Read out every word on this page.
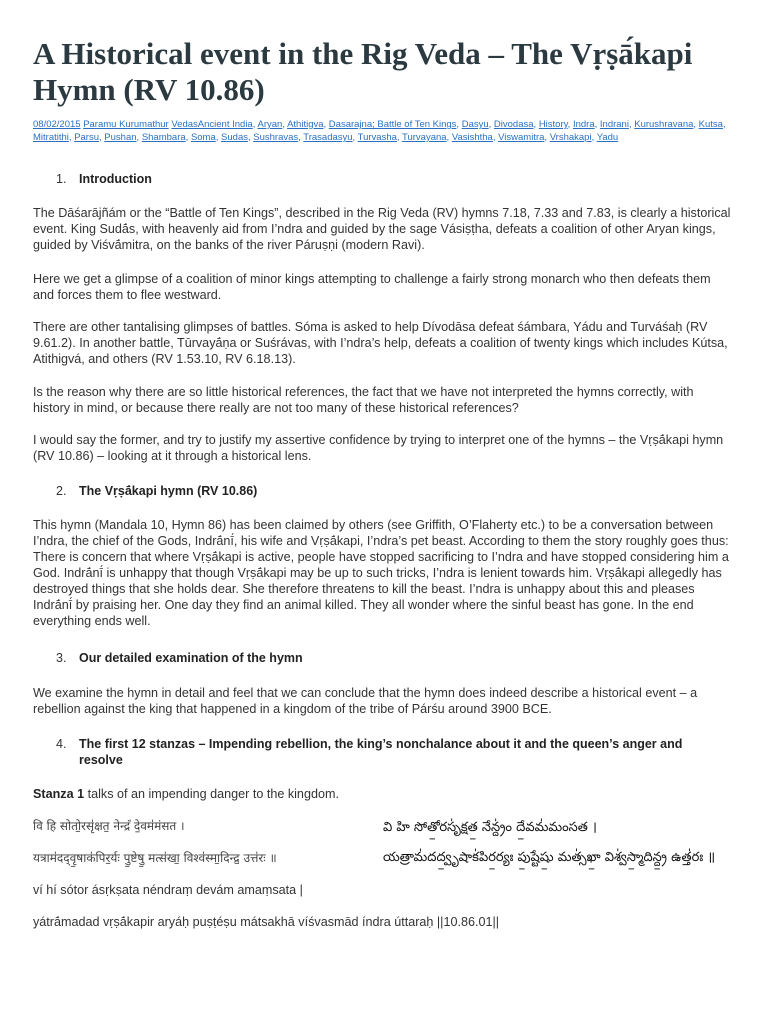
A Historical event in the Rig Veda – The Vṛṣā́kapi Hymn (RV 10.86)
08/02/2015 Paramu Kurumathur VedasAncient India, Aryan, Athitigva, Dasarajna; Battle of Ten Kings, Dasyu, Divodasa, History, Indra, Indrani, Kurushravana, Kutsa, Mitratithi, Parsu, Pushan, Shambara, Soma, Sudas, Sushravas, Trasadasyu, Turvasha, Turvayana, Vasishtha, Viswamitra, Vrshakapi, Yadu
1.	Introduction

The Dāśarājñám or the “Battle of Ten Kings”, described in the Rig Veda (RV) hymns 7.18, 7.33 and 7.83, is clearly a historical event. King Sudā́s, with heavenly aid from I’ndra and guided by the sage Vásiṣṭha, defeats a coalition of other Aryan kings, guided by Viśvā́mitra, on the banks of the river Páruṣṇi (modern Ravi).

Here we get a glimpse of a coalition of minor kings attempting to challenge a fairly strong monarch who then defeats them and forces them to flee westward.

There are other tantalising glimpses of battles. Sóma is asked to help Dívodāsa defeat śámbara, Yádu and Turváśaḥ (RV 9.61.2). In another battle, Tūrvayā́ṇa or Suśrávas, with I’ndra’s help, defeats a coalition of twenty kings which includes Kútsa, Atithigvá, and others (RV 1.53.10, RV 6.18.13).

Is the reason why there are so little historical references, the fact that we have not interpreted the hymns correctly, with history in mind, or because there really are not too many of these historical references?

I would say the former, and try to justify my assertive confidence by trying to interpret one of the hymns – the Vṛṣā́kapi hymn (RV 10.86) – looking at it through a historical lens.

2.	The Vṛṣā́kapi hymn (RV 10.86)

This hymn (Mandala 10, Hymn 86) has been claimed by others (see Griffith, O’Flaherty etc.) to be a conversation between I’ndra, the chief of the Gods, Indrā́nī́, his wife and Vṛṣā́kapi, I’ndra’s pet beast. According to them the story roughly goes thus: There is concern that where Vṛṣā́kapi is active, people have stopped sacrificing to I’ndra and have stopped considering him a God. Indrā́nī́ is unhappy that though Vṛṣā́kapi may be up to such tricks, I’ndra is lenient towards him. Vṛṣā́kapi allegedly has destroyed things that she holds dear. She therefore threatens to kill the beast. I’ndra is unhappy about this and pleases Indrā́nī́ by praising her. One day they find an animal killed. They all wonder where the sinful beast has gone. In the end everything ends well.

3.	Our detailed examination of the hymn

We examine the hymn in detail and feel that we can conclude that the hymn does indeed describe a historical event – a rebellion against the king that happened in a kingdom of the tribe of Párśu around 3900 BCE.

4.	The first 12 stanzas – Impending rebellion, the king’s nonchalance about it and the queen’s anger and resolve
Stanza 1 talks of an impending danger to the kingdom.
वि हि सोतो॒रसृ॑क्षत॒ नेन्द्रं॑ दे॒वम॑मंसत ।	వి హి సోతో॒రసృ॑క్షత॒ నేన్ద్రం॑ దే॒వమ॑మంసత ।
यत्राम॑दद्वृ॒षाक॑पिर॒र्यः पु॒ष्टेषु॒ मत्स॑खा॒ विश्व॑स्मा॒दिन्द्र॒ उत्त॑रः ॥	యత్రామ॑దద్వృ॒షాక॑పిర॒ర్యః పు॒ష్టేషు॒ మత్స॑ఖా॒ విశ్వ॑స్మా॒దిన్ద్ర॒ ఉత్త॑రః ॥
ví hí sótor ásṛkṣata néndraṃ devám amaṃsata |
yátrā́madad vṛṣā́kapir aryáḥ puṣṭéṣu mátsakhā víśvasmād índra úttaraḥ ||10.86.01||
